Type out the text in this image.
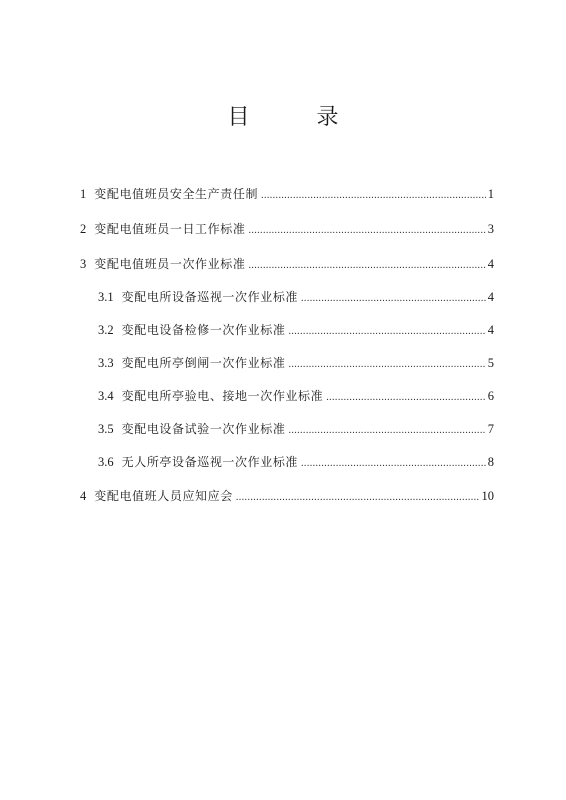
目 录
1 变配电值班员安全生产责任制 .....	1
2 变配电值班员一日工作标准 .....	3
3 变配电值班员一次作业标准 .....	4
3.1 变配电所设备巡视一次作业标准 .....	4
3.2 变配电设备检修一次作业标准 .....	4
3.3 变配电所亭倒闸一次作业标准 .....	5
3.4 变配电所亭验电、接地一次作业标准 .....	6
3.5 变配电设备试验一次作业标准 .....	7
3.6 无人所亭设备巡视一次作业标准 .....	8
4 变配电值班人员应知应会 .....	10
